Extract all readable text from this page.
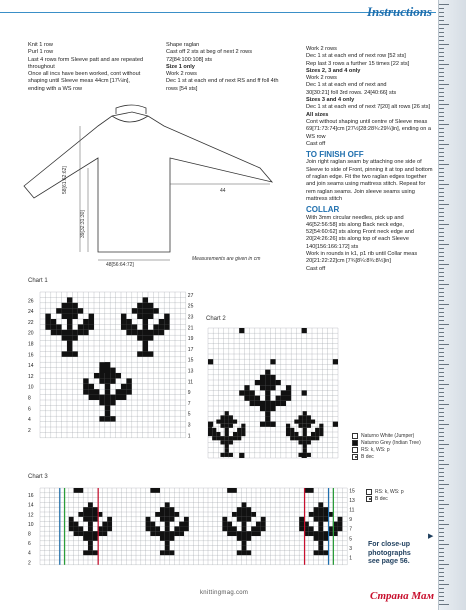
Instructions

Knit 1 row

Purl 1 row

Last 4 rows form Sleeve patt and are repeated throughout

Once all incs have been worked, cont without shaping until Sleeve meas 44cm [17¼in], ending with a WS row

Shape raglan

Cast off 2 sts at beg of next 2 rows

72[84:100:108] sts

Size 1 only

Work 2 rows

Dec 1 st at each end of next RS and ff foll 4th rows [54 sts]

Work 2 rows

Dec 1 st at each end of next row [52 sts]

Rep last 3 rows a further 15 times [22 sts]

Sizes 2, 3 and 4 only

Work 2 rows

Dec 1 st at each end of next and

30[30:21] foll 3rd rows. 24[40:66] sts

Sizes 3 and 4 only

Dec 1 st at each end of next 7[20] alt rows [26 sts]

All sizes

Cont without shaping until centre of Sleeve meas 69[71:73:74]cm [27½[28:28¾:29¼]in], ending on a WS row

Cast off

TO FINISH OFF

Join right raglan seam by attaching one side of Sleeve to side of Front, pinning it at top and bottom of raglan edge. Fit the two raglan edges together and join seams using mattress stitch. Repeat for rem raglan seams. Join sleeve seams using mattress stitch

COLLAR

With 3mm circular needles, pick up and 46[52:56:58] sts along Back neck edge, 52[54:60:62] sts along Front neck edge and 20[24:26:26] sts along top of each Sleeve 140[156:166:172] sts

Work in rounds in k1, p1 rib until Collar meas 20[21:22:22]cm [7¾[8¼:8¾:8½]in]

Cast off

44
58[61:62:62]
39[32:31:30]
48[56:64:72]
Measurements are given in cm
Chart 1
26
24
22
20
18
16
14
12
10
8
6
4
2
27
25
23
21
19
17
15
13
11
9
7
5
3
1
Chart 2
Naturno White (Jumper)
Naturno Grey (Indian Tree)
RS: k, WS: p
B dec
RS: k, WS: p
B dec
Chart 3
16
14
12
10
8
6
4
2
15
13
11
9
7
5
3
1
For close-up
photographs
see page 56.
▶
knittingmag.com	Страна Мам
